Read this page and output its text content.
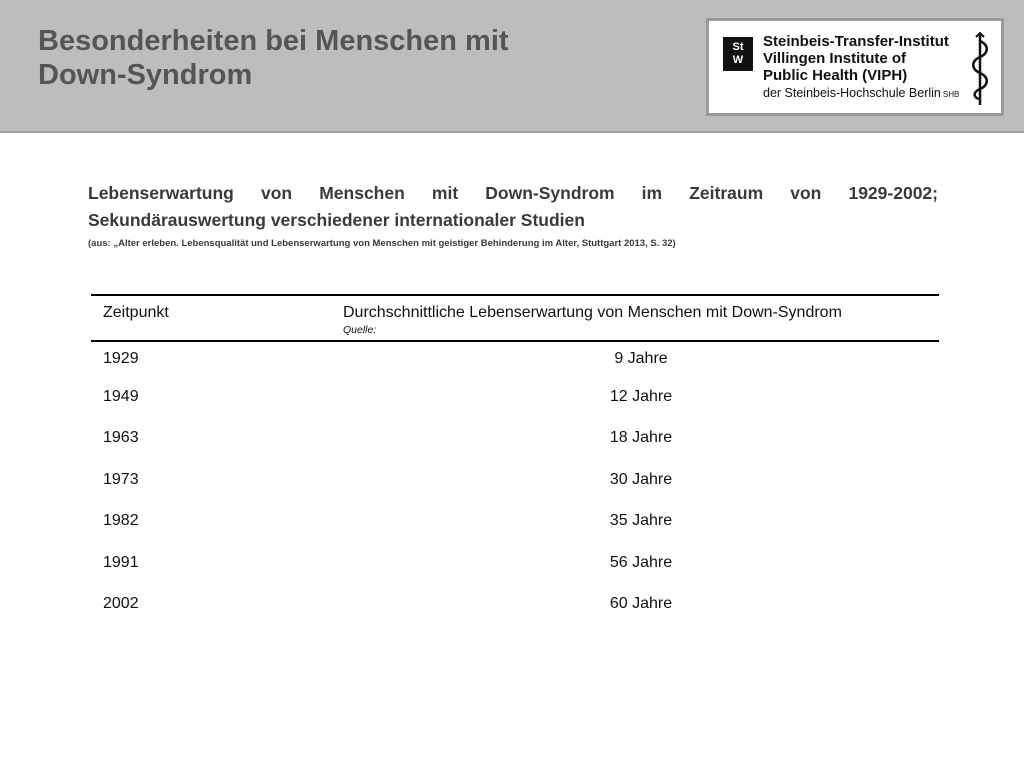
Besonderheiten bei Menschen mit
Down-Syndrom
St
W
Steinbeis-Transfer-Institut
Villingen Institute of
Public Health (VIPH)
der Steinbeis-Hochschule Berlin SHB

Lebenserwartung von Menschen mit Down-Syndrom im Zeitraum von 1929-2002; Sekundärauswertung verschiedener internationaler Studien

(aus: „Alter erleben. Lebensqualität und Lebenserwartung von Menschen mit geistiger Behinderung im Alter, Stuttgart 2013, S. 32)
Zeitpunkt	Durchschnittliche Lebenserwartung von Menschen mit Down-Syndrom
Quelle:

1929	9 Jahre
1949	12 Jahre
1963	18 Jahre
1973	30 Jahre
1982	35 Jahre
1991	56 Jahre
2002	60 Jahre
